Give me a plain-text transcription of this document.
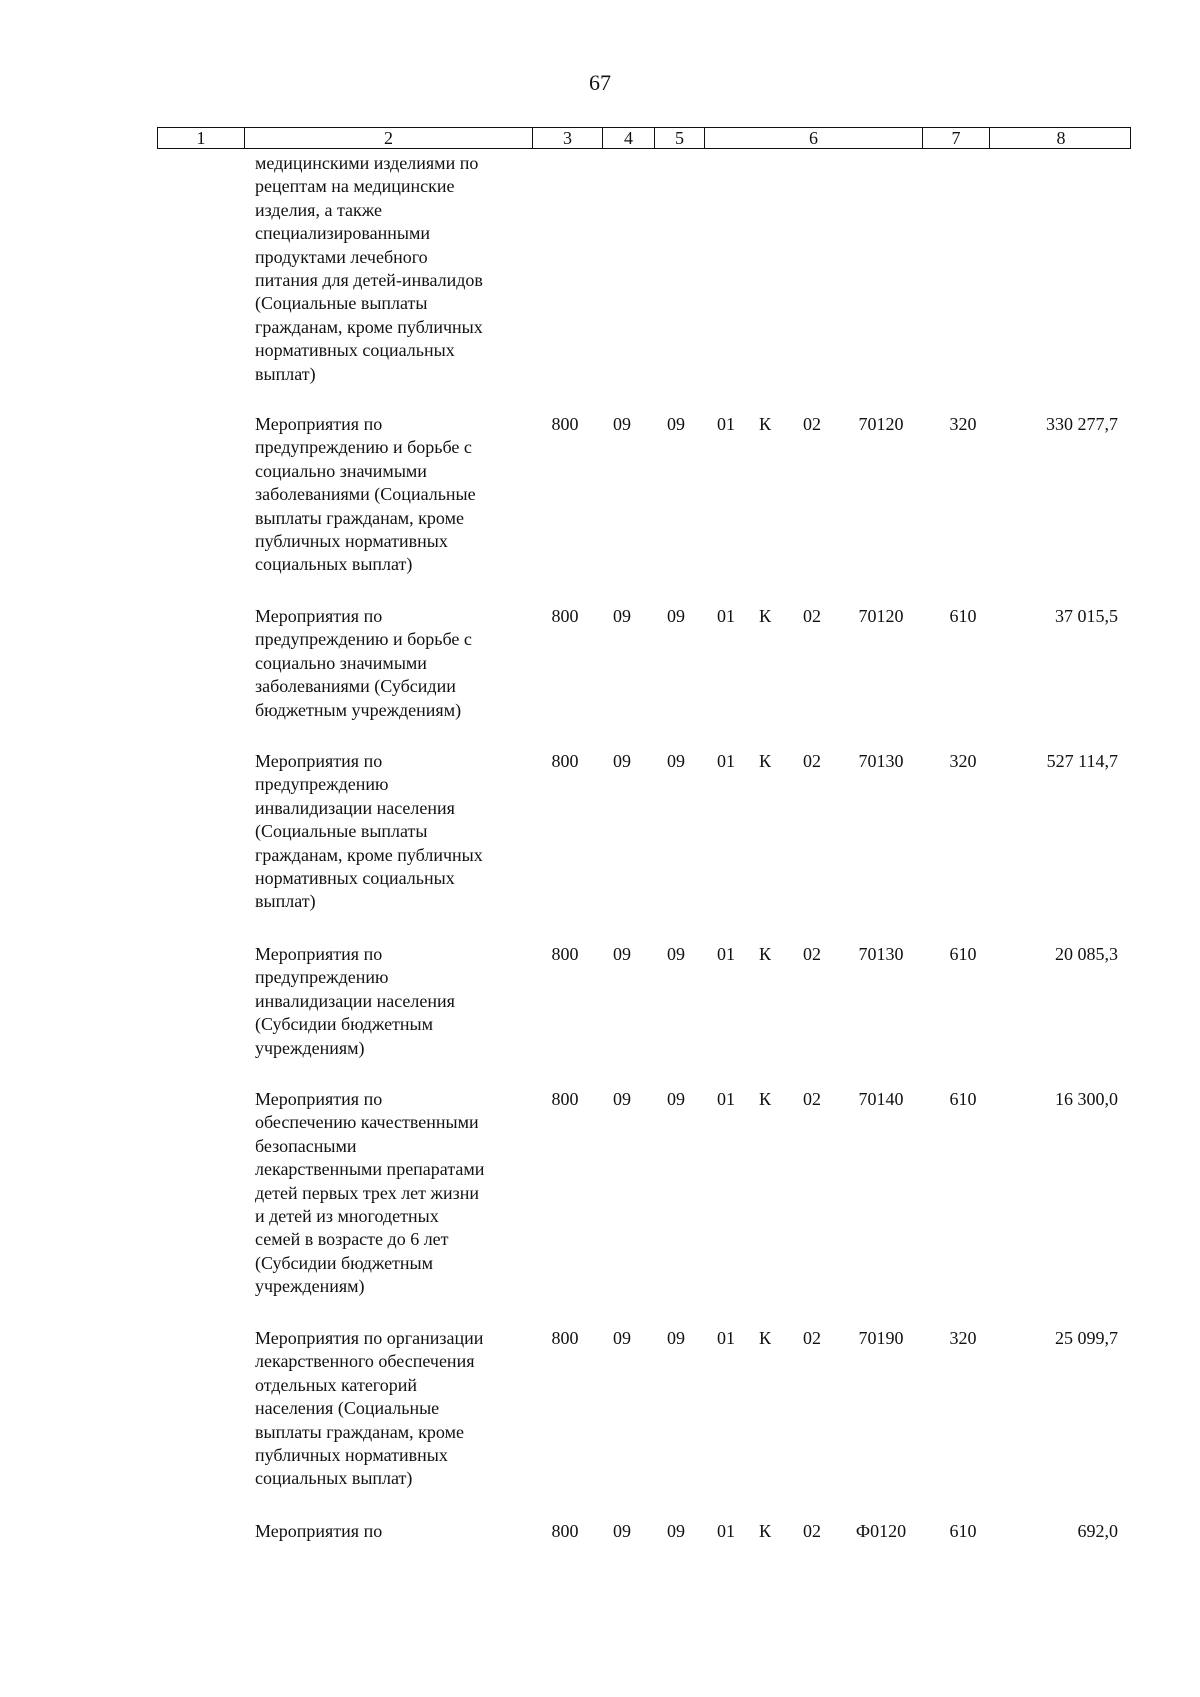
67
1	2	3	4	5	6	7	8
медицинскими изделиями по
рецептам на медицинские
изделия, а также
специализированными
продуктами лечебного
питания для детей-инвалидов
(Социальные выплаты
гражданам, кроме публичных
нормативных социальных
выплат)
Мероприятия по
предупреждению и борьбе с
социально значимыми
заболеваниями (Социальные
выплаты гражданам, кроме
публичных нормативных
социальных выплат)
800	09	09	01	К	02	70120	320	330 277,7
Мероприятия по
предупреждению и борьбе с
социально значимыми
заболеваниями (Субсидии
бюджетным учреждениям)
800	09	09	01	К	02	70120	610	37 015,5
Мероприятия по
предупреждению
инвалидизации населения
(Социальные выплаты
гражданам, кроме публичных
нормативных социальных
выплат)
800	09	09	01	К	02	70130	320	527 114,7
Мероприятия по
предупреждению
инвалидизации населения
(Субсидии бюджетным
учреждениям)
800	09	09	01	К	02	70130	610	20 085,3
Мероприятия по
обеспечению качественными
безопасными
лекарственными препаратами
детей первых трех лет жизни
и детей из многодетных
семей в возрасте до 6 лет
(Субсидии бюджетным
учреждениям)
800	09	09	01	К	02	70140	610	16 300,0
Мероприятия по организации
лекарственного обеспечения
отдельных категорий
населения (Социальные
выплаты гражданам, кроме
публичных нормативных
социальных выплат)
800	09	09	01	К	02	70190	320	25 099,7
Мероприятия по	800	09	09	01	К	02	Ф0120	610	692,0
